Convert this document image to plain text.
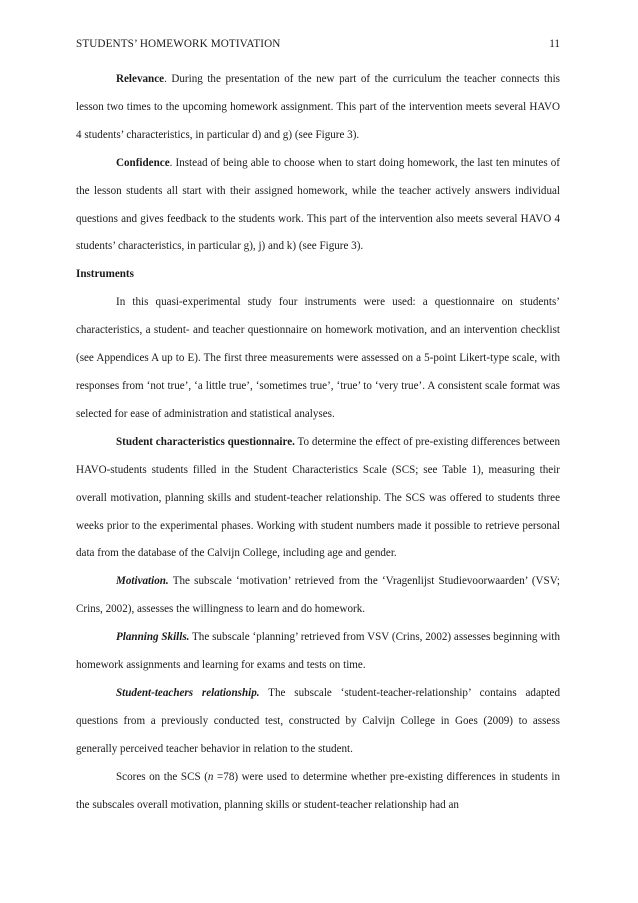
STUDENTS’ HOMEWORK MOTIVATION	11

Relevance. During the presentation of the new part of the curriculum the teacher connects this lesson two times to the upcoming homework assignment. This part of the intervention meets several HAVO 4 students’ characteristics, in particular d) and g) (see Figure 3).

Confidence. Instead of being able to choose when to start doing homework, the last ten minutes of the lesson students all start with their assigned homework, while the teacher actively answers individual questions and gives feedback to the students work. This part of the intervention also meets several HAVO 4 students’ characteristics, in particular g), j) and k) (see Figure 3).

Instruments

In this quasi-experimental study four instruments were used: a questionnaire on students’ characteristics, a student- and teacher questionnaire on homework motivation, and an intervention checklist (see Appendices A up to E). The first three measurements were assessed on a 5-point Likert-type scale, with responses from ‘not true’, ‘a little true’, ‘sometimes true’, ‘true’ to ‘very true’. A consistent scale format was selected for ease of administration and statistical analyses.

Student characteristics questionnaire. To determine the effect of pre-existing differences between HAVO-students students filled in the Student Characteristics Scale (SCS; see Table 1), measuring their overall motivation, planning skills and student-teacher relationship. The SCS was offered to students three weeks prior to the experimental phases. Working with student numbers made it possible to retrieve personal data from the database of the Calvijn College, including age and gender.

Motivation. The subscale ‘motivation’ retrieved from the ‘Vragenlijst Studievoorwaarden’ (VSV; Crins, 2002), assesses the willingness to learn and do homework.

Planning Skills. The subscale ‘planning’ retrieved from VSV (Crins, 2002) assesses beginning with homework assignments and learning for exams and tests on time.

Student-teachers relationship. The subscale ‘student-teacher-relationship’ contains adapted questions from a previously conducted test, constructed by Calvijn College in Goes (2009) to assess generally perceived teacher behavior in relation to the student.

Scores on the SCS (n =78) were used to determine whether pre-existing differences in students in the subscales overall motivation, planning skills or student-teacher relationship had an
